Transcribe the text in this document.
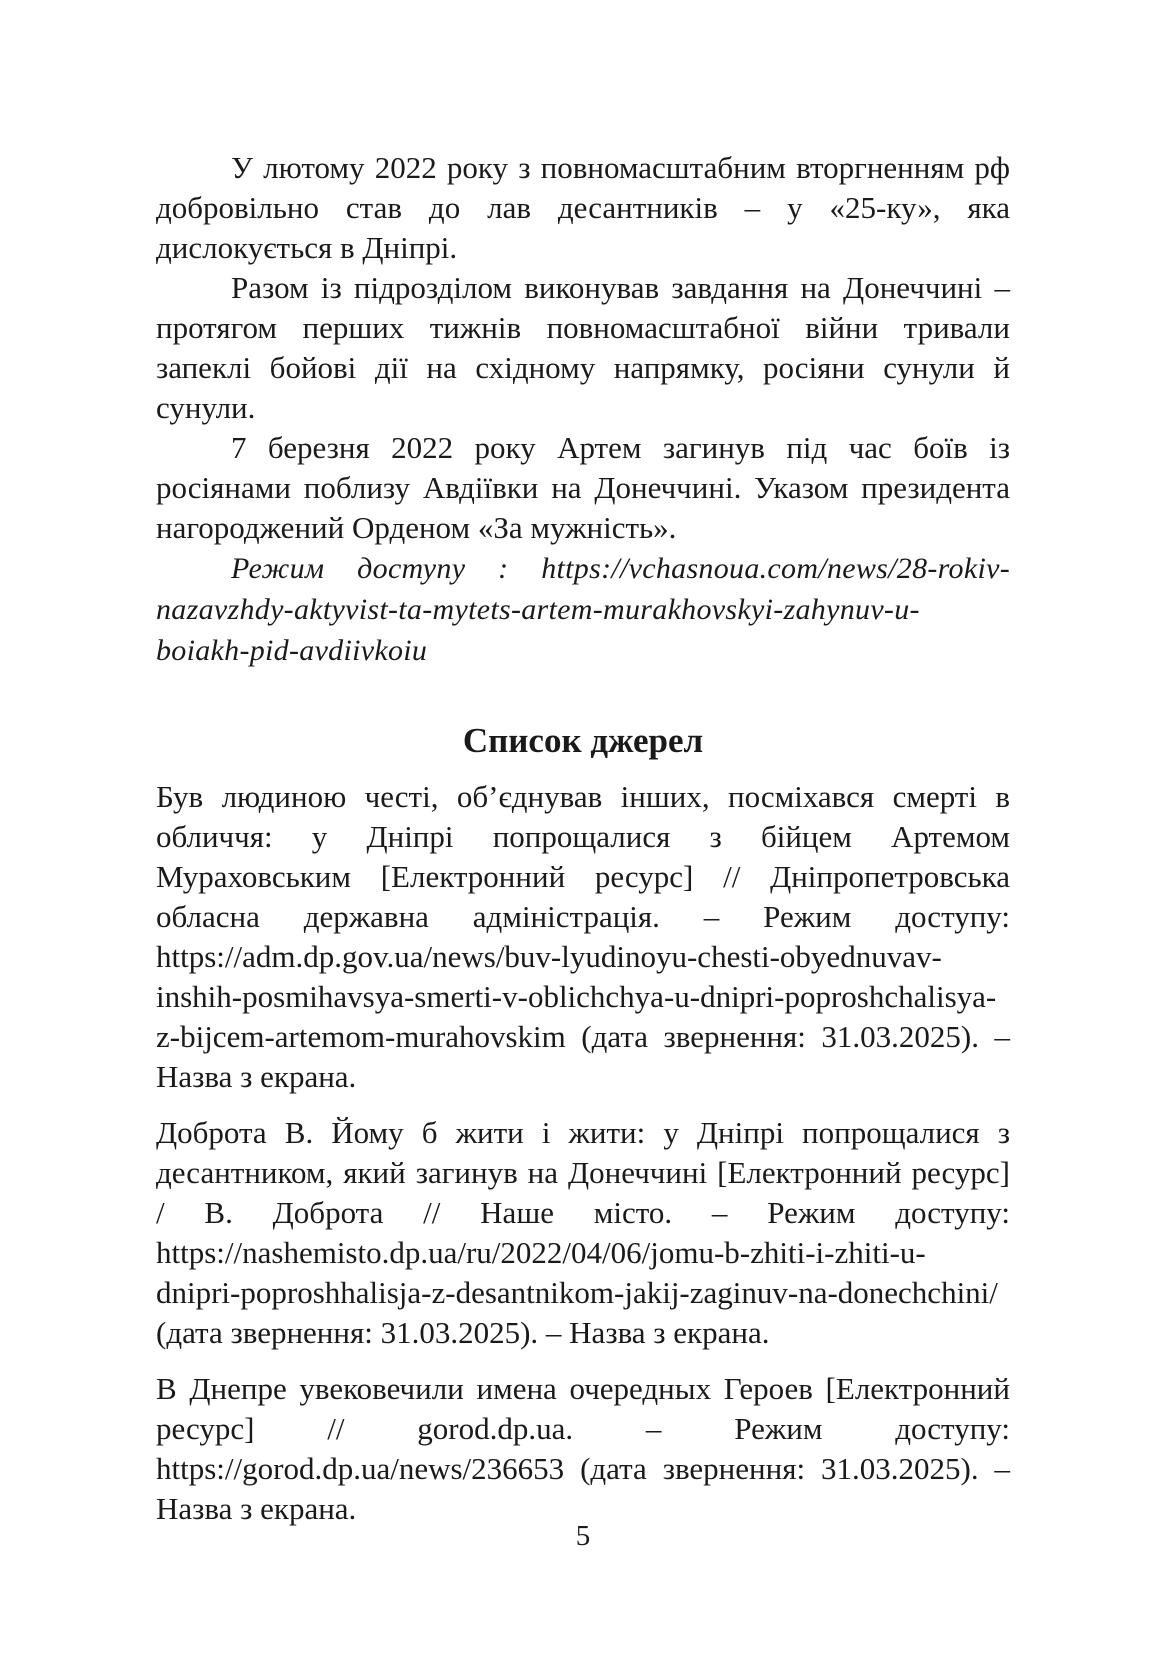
У лютому 2022 року з повномасштабним вторгненням рф добровільно став до лав десантників – у «25-ку», яка дислокується в Дніпрі.

Разом із підрозділом виконував завдання на Донеччині – протягом перших тижнів повномасштабної війни тривали запеклі бойові дії на східному напрямку, росіяни сунули й сунули.

7 березня 2022 року Артем загинув під час боїв із росіянами поблизу Авдіївки на Донеччині. Указом президента нагороджений Орденом «За мужність».

Режим доступу : https://vchasnoua.com/news/28-rokiv-nazavzhdy-aktyvist-ta-mytets-artem-murakhovskyi-zahynuv-u-boiakh-pid-avdiivkoiu

Список джерел

Був людиною честі, об’єднував інших, посміхався смерті в обличчя: у Дніпрі попрощалися з бійцем Артемом Мураховським [Електронний ресурс] // Дніпропетровська обласна державна адміністрація. – Режим доступу: https://adm.dp.gov.ua/news/buv-lyudinoyu-chesti-obyednuvav-inshih-posmihavsya-smerti-v-oblichchya-u-dnipri-poproshchalisya-z-bijcem-artemom-murahovskim (дата звернення: 31.03.2025). – Назва з екрана.

Доброта В. Йому б жити і жити: у Дніпрі попрощалися з десантником, який загинув на Донеччині [Електронний ресурс] / В. Доброта // Наше місто. – Режим доступу: https://nashemisto.dp.ua/ru/2022/04/06/jomu-b-zhiti-i-zhiti-u-dnipri-poproshhalisja-z-desantnikom-jakij-zaginuv-na-donechchini/ (дата звернення: 31.03.2025). – Назва з екрана.

В Днепре увековечили имена очередных Героев [Електронний ресурс] // gorod.dp.ua. – Режим доступу: https://gorod.dp.ua/news/236653 (дата звернення: 31.03.2025). – Назва з екрана.

5
